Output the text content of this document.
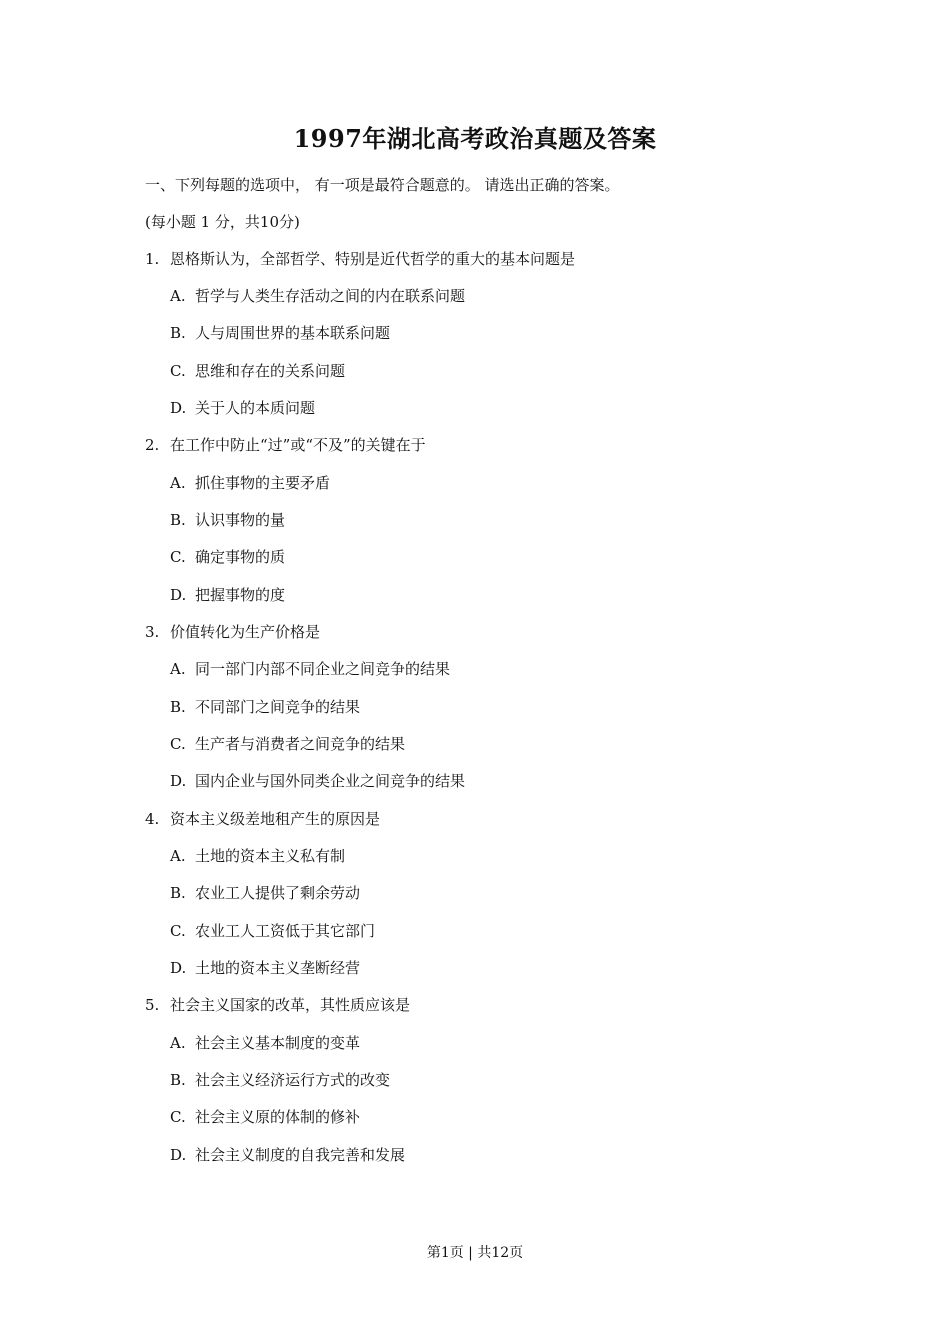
1997年湖北高考政治真题及答案
一、下列每题的选项中， 有一项是最符合题意的。 请选出正确的答案。
(每小题 1 分，共10分)
1. 恩格斯认为，全部哲学、特别是近代哲学的重大的基本问题是
A. 哲学与人类生存活动之间的内在联系问题
B. 人与周围世界的基本联系问题
C. 思维和存在的关系问题
D. 关于人的本质问题
2. 在工作中防止“过”或“不及”的关键在于
A. 抓住事物的主要矛盾
B. 认识事物的量
C. 确定事物的质
D. 把握事物的度
3. 价值转化为生产价格是
A. 同一部门内部不同企业之间竞争的结果
B. 不同部门之间竞争的结果
C. 生产者与消费者之间竞争的结果
D. 国内企业与国外同类企业之间竞争的结果
4. 资本主义级差地租产生的原因是
A. 土地的资本主义私有制
B. 农业工人提供了剩余劳动
C. 农业工人工资低于其它部门
D. 土地的资本主义垄断经营
5. 社会主义国家的改革，其性质应该是
A. 社会主义基本制度的变革
B. 社会主义经济运行方式的改变
C. 社会主义原的体制的修补
D. 社会主义制度的自我完善和发展
第1页 | 共12页
